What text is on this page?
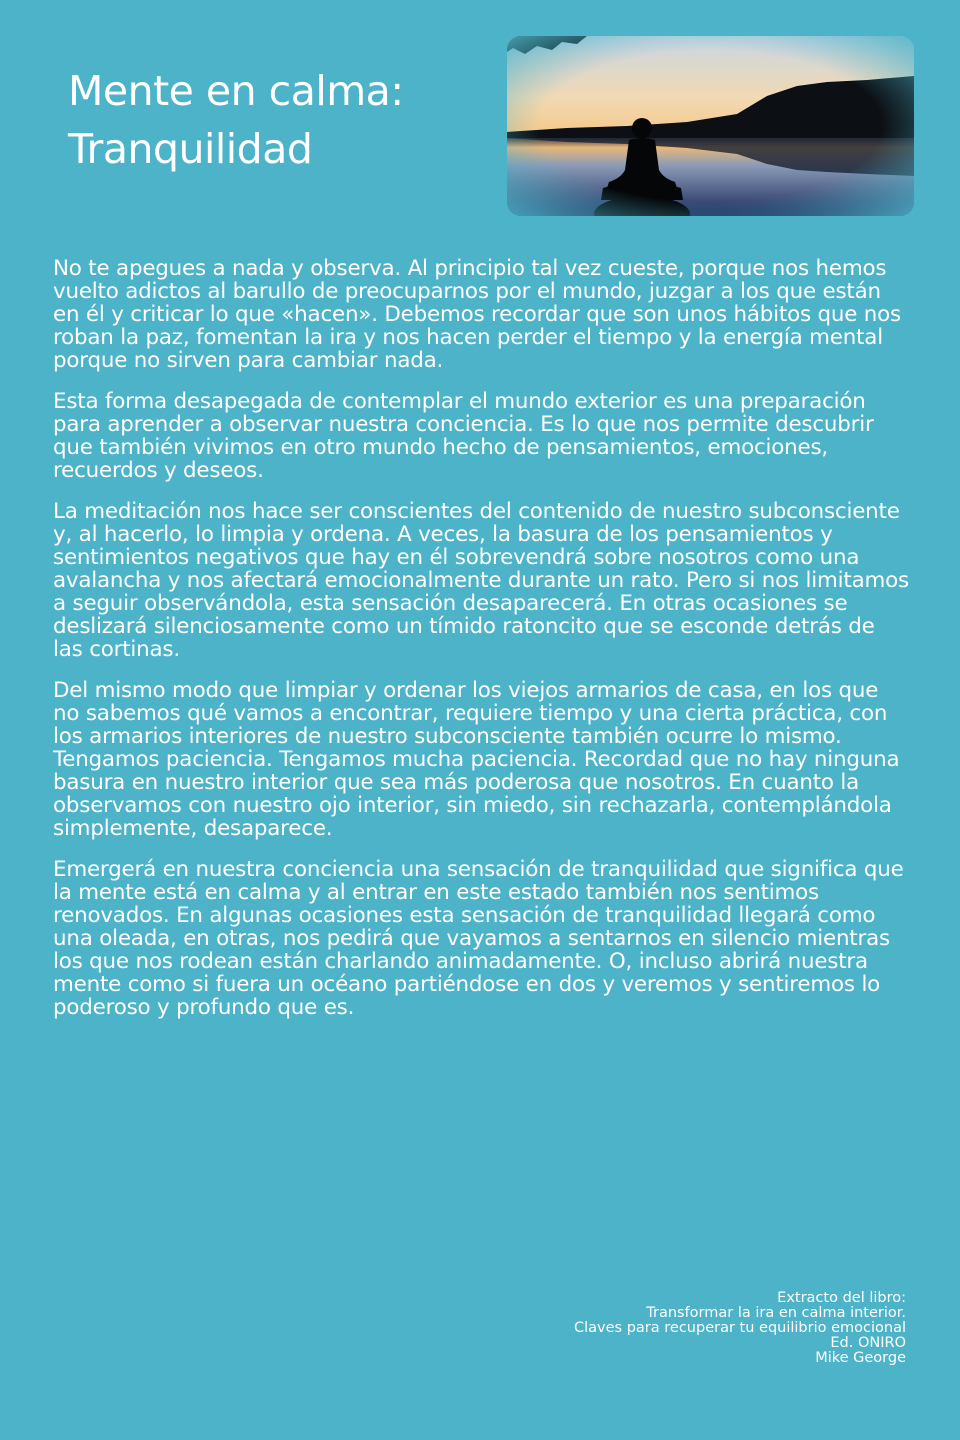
Mente en calma:
Tranquilidad

No te apegues a nada y observa. Al principio tal vez cueste, porque nos hemos vuelto adictos al barullo de preocuparnos por el mundo, juzgar a los que están en él y criticar lo que «hacen». Debemos recordar que son unos hábitos que nos roban la paz, fomentan la ira y nos hacen perder el tiempo y la energía mental porque no sirven para cambiar nada.

Esta forma desapegada de contemplar el mundo exterior es una preparación para aprender a observar nuestra conciencia. Es lo que nos permite descubrir que también vivimos en otro mundo hecho de pensamientos, emociones, recuerdos y deseos.

La meditación nos hace ser conscientes del contenido de nuestro subconsciente y, al hacerlo, lo limpia y ordena. A veces, la basura de los pensamientos y sentimientos negativos que hay en él sobrevendrá sobre nosotros como una avalancha y nos afectará emocionalmente durante un rato. Pero si nos limitamos a seguir observándola, esta sensación desaparecerá. En otras ocasiones se deslizará silenciosamente como un tímido ratoncito que se esconde detrás de las cortinas.

Del mismo modo que limpiar y ordenar los viejos armarios de casa, en los que no sabemos qué vamos a encontrar, requiere tiempo y una cierta práctica, con los armarios interiores de nuestro subconsciente también ocurre lo mismo. Tengamos paciencia. Tengamos mucha paciencia. Recordad que no hay ninguna basura en nuestro interior que sea más poderosa que nosotros. En cuanto la observamos con nuestro ojo interior, sin miedo, sin rechazarla, contemplándola simplemente, desaparece.

Emergerá en nuestra conciencia una sensación de tranquilidad que significa que la mente está en calma y al entrar en este estado también nos sentimos renovados. En algunas ocasiones esta sensación de tranquilidad llegará como una oleada, en otras, nos pedirá que vayamos a sentarnos en silencio mientras los que nos rodean están charlando animadamente. O, incluso abrirá nuestra mente como si fuera un océano partiéndose en dos y veremos y sentiremos lo poderoso y profundo que es.

Extracto del libro:
Transformar la ira en calma interior.
Claves para recuperar tu equilibrio emocional
Ed. ONIRO
Mike George
